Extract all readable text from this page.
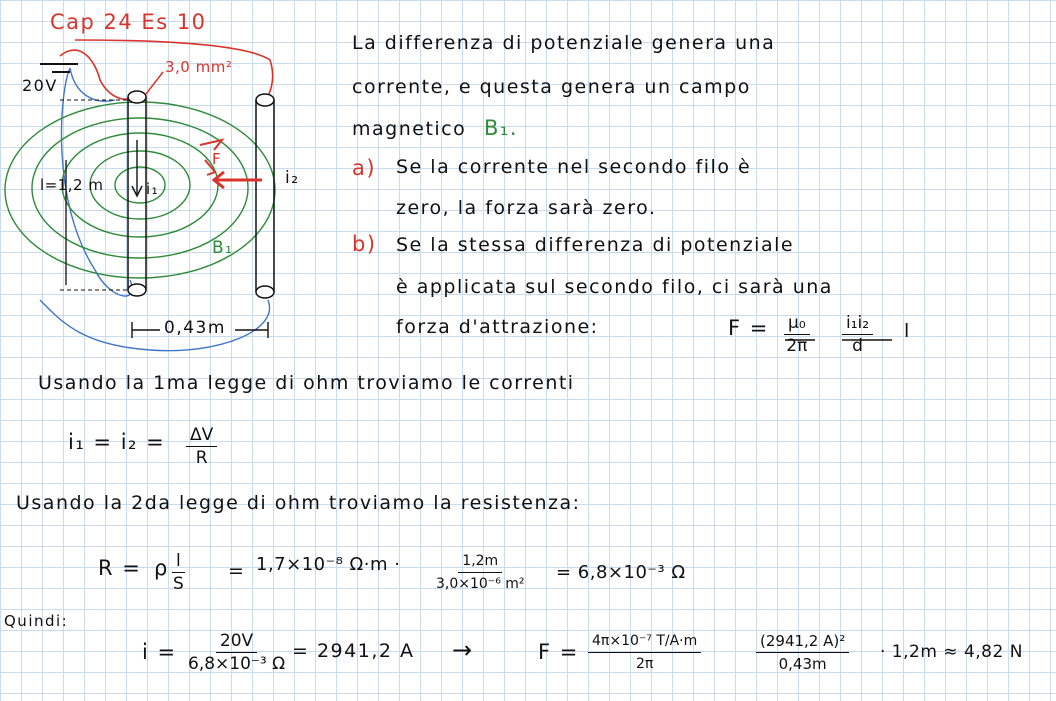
Cap 24 Es 10
20V
3,0 mm²
l=1,2 m	i₁
i₂
B₁
F
0,43m
La differenza di potenziale genera una
corrente, e questa genera un campo
magnetico B₁.
a) Se la corrente nel secondo filo è
zero, la forza sarà zero.
b) Se la stessa differenza di potenziale
è applicata sul secondo filo, ci sarà una
forza d'attrazione:	$F = \frac{\text{μ₀}}{2\pi} \frac{\text{i₁i₂}}{d}$ l
Usando la 1ma legge di ohm troviamo le correnti
$i_1 = i_2 = \frac{\Delta V}{R}$
Usando la 2da legge di ohm troviamo la resistenza:
R = ρ $\frac{l}{S} = 1,7\times 10^{-8}$ Ω·m ·	$\frac{1,2m}{\text{3,0×10⁻⁶ m²}} = 6,8\times 10^{-3}$ Ω
Quindi:
$i = \frac{20V}{\text{6,8×10⁻³ Ω}} = 2941,2$ A →	$F = \frac{\text{4π×10⁻⁷ T/A·m}}{2\pi}$	$\frac{\text{(2941,2 A)²}}{0,43m} \cdot 1,2m \approx 4,82$ N
